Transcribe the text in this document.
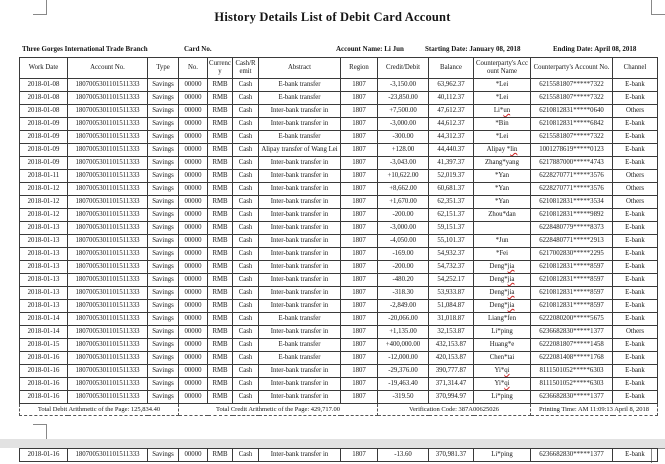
History Details List of Debit Card Account
Three Gorges International Trade Branch	Card No.	Account Name: Li Jun	Starting Date: January 08, 2018	Ending Date: April 08, 2018
Work Date	Account No.	Type	No.	Currency	Cash/Remit	Abstract	Region	Credit/Debit	Balance	Counterparty's Account Name	Counterparty's Account No.	Channel
2018-01-08	1807005301101511333	Savings	00000	RMB	Cash	E-bank transfer	1807	-3,150.00	63,962.37	*Lei	6215581807*****7322	E-bank
2018-01-08	1807005301101511333	Savings	00000	RMB	Cash	E-bank transfer	1807	-23,850.00	40,112.37	*Lei	6215581807*****7322	E-bank
2018-01-08	1807005301101511333	Savings	00000	RMB	Cash	Inter-bank transfer in	1807	+7,500.00	47,612.37	Li*un	6210812831*****0640	Others
2018-01-09	1807005301101511333	Savings	00000	RMB	Cash	Inter-bank transfer in	1807	-3,000.00	44,612.37	*Bin	6210812831*****6842	E-bank
2018-01-09	1807005301101511333	Savings	00000	RMB	Cash	E-bank transfer	1807	-300.00	44,312.37	*Lei	6215581807*****7322	E-bank
2018-01-09	1807005301101511333	Savings	00000	RMB	Cash	Alipay transfer of Wang Lei	1807	+128.00	44,440.37	Alipay *lin	1001278619*****0123	E-bank
2018-01-09	1807005301101511333	Savings	00000	RMB	Cash	Inter-bank transfer in	1807	-3,043.00	41,397.37	Zhang*yang	6217887000*****4743	E-bank
2018-01-11	1807005301101511333	Savings	00000	RMB	Cash	Inter-bank transfer in	1807	+10,622.00	52,019.37	*Yan	6228270771*****3576	Others
2018-01-12	1807005301101511333	Savings	00000	RMB	Cash	Inter-bank transfer in	1807	+8,662.00	60,681.37	*Yan	6228270771*****3576	Others
2018-01-12	1807005301101511333	Savings	00000	RMB	Cash	Inter-bank transfer in	1807	+1,670.00	62,351.37	*Yan	6210812831*****3534	Others
2018-01-12	1807005301101511333	Savings	00000	RMB	Cash	Inter-bank transfer in	1807	-200.00	62,151.37	Zhou*dan	6210812831*****9892	E-bank
2018-01-13	1807005301101511333	Savings	00000	RMB	Cash	Inter-bank transfer in	1807	-3,000.00	59,151.37		6228480779*****8373	E-bank
2018-01-13	1807005301101511333	Savings	00000	RMB	Cash	Inter-bank transfer in	1807	-4,050.00	55,101.37	*Jun	6228480771*****2913	E-bank
2018-01-13	1807005301101511333	Savings	00000	RMB	Cash	Inter-bank transfer in	1807	-169.00	54,932.37	*Fei	6217002830*****2295	E-bank
2018-01-13	1807005301101511333	Savings	00000	RMB	Cash	Inter-bank transfer in	1807	-200.00	54,732.37	Deng*jia	6210812831*****8597	E-bank
2018-01-13	1807005301101511333	Savings	00000	RMB	Cash	Inter-bank transfer in	1807	-480.20	54,252.17	Deng*jia	6210812831*****8597	E-bank
2018-01-13	1807005301101511333	Savings	00000	RMB	Cash	Inter-bank transfer in	1807	-318.30	53,933.87	Deng*jia	6210812831*****8597	E-bank
2018-01-13	1807005301101511333	Savings	00000	RMB	Cash	Inter-bank transfer in	1807	-2,849.00	51,084.87	Deng*jia	6210812831*****8597	E-bank
2018-01-14	1807005301101511333	Savings	00000	RMB	Cash	E-bank transfer	1807	-20,066.00	31,018.87	Liang*fen	6222080200*****5675	E-bank
2018-01-14	1807005301101511333	Savings	00000	RMB	Cash	Inter-bank transfer in	1807	+1,135.00	32,153.87	Li*ping	6236682830*****1377	Others
2018-01-15	1807005301101511333	Savings	00000	RMB	Cash	E-bank transfer	1807	+400,000.00	432,153.87	Huang*e	6222081807*****1458	E-bank
2018-01-16	1807005301101511333	Savings	00000	RMB	Cash	E-bank transfer	1807	-12,000.00	420,153.87	Chen*tai	6222081408*****1768	E-bank
2018-01-16	1807005301101511333	Savings	00000	RMB	Cash	Inter-bank transfer in	1807	-29,376.00	390,777.87	Yi*qi	8111501052*****6303	E-bank
2018-01-16	1807005301101511333	Savings	00000	RMB	Cash	Inter-bank transfer in	1807	-19,463.40	371,314.47	Yi*qi	8111501052*****6303	E-bank
2018-01-16	1807005301101511333	Savings	00000	RMB	Cash	Inter-bank transfer in	1807	-319.50	370,994.97	Li*ping	6236682830*****1377	E-bank
Total Debit Arithmetic of the Page: 125,834.40			Total Credit Arithmetic of the Page: 429,717.00					Verification Code: 387A00625026			Printing Time: AM 11:09:13 April 8, 2018	
2018-01-16	1807005301101511333	Savings	00000	RMB	Cash	Inter-bank transfer in	1807	-13.60	370,981.37	Li*ping	6236682830*****1377	E-bank
